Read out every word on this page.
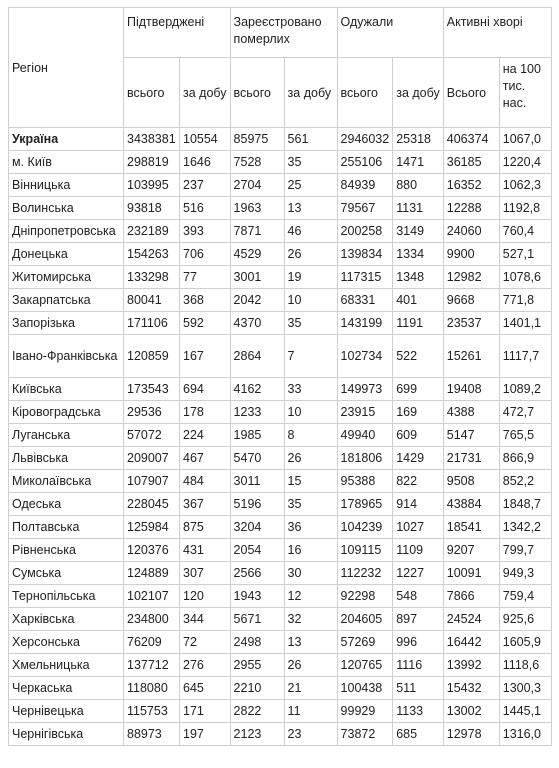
Регіон	Підтверджені		Зареєстровано померлих		Одужали		Активні хворі	
	всього	за добу	всього	за добу	всього	за добу	Всього	на 100 тис. нас.
Україна	3438381	10554	85975	561	2946032	25318	406374	1067,0
м. Київ	298819	1646	7528	35	255106	1471	36185	1220,4
Вінницька	103995	237	2704	25	84939	880	16352	1062,3
Волинська	93818	516	1963	13	79567	1131	12288	1192,8
Дніпропетровська	232189	393	7871	46	200258	3149	24060	760,4
Донецька	154263	706	4529	26	139834	1334	9900	527,1
Житомирська	133298	77	3001	19	117315	1348	12982	1078,6
Закарпатська	80041	368	2042	10	68331	401	9668	771,8
Запорізька	171106	592	4370	35	143199	1191	23537	1401,1
Івано-Франківська	120859	167	2864	7	102734	522	15261	1117,7
Київська	173543	694	4162	33	149973	699	19408	1089,2
Кіровоградська	29536	178	1233	10	23915	169	4388	472,7
Луганська	57072	224	1985	8	49940	609	5147	765,5
Львівська	209007	467	5470	26	181806	1429	21731	866,9
Миколаївська	107907	484	3011	15	95388	822	9508	852,2
Одеська	228045	367	5196	35	178965	914	43884	1848,7
Полтавська	125984	875	3204	36	104239	1027	18541	1342,2
Рівненська	120376	431	2054	16	109115	1109	9207	799,7
Сумська	124889	307	2566	30	112232	1227	10091	949,3
Тернопільська	102107	120	1943	12	92298	548	7866	759,4
Харківська	234800	344	5671	32	204605	897	24524	925,6
Херсонська	76209	72	2498	13	57269	996	16442	1605,9
Хмельницька	137712	276	2955	26	120765	1116	13992	1118,6
Черкаська	118080	645	2210	21	100438	511	15432	1300,3
Чернівецька	115753	171	2822	11	99929	1133	13002	1445,1
Чернігівська	88973	197	2123	23	73872	685	12978	1316,0
